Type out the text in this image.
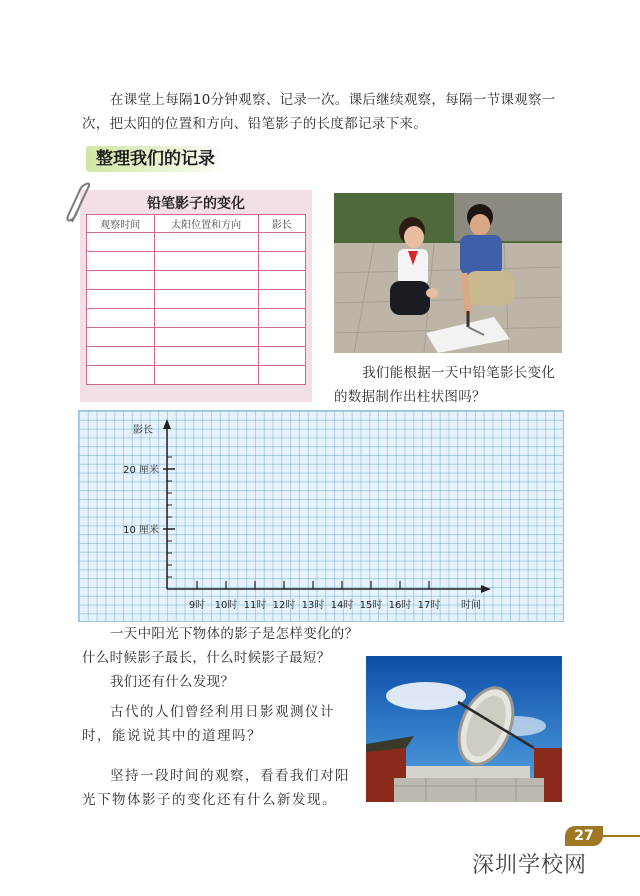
在课堂上每隔10分钟观察、记录一次。课后继续观察，每隔一节课观察一次，把太阳的位置和方向、铅笔影子的长度都记录下来。
整理我们的记录
铅笔影子的变化
观察时间	太阳位置和方向	影长

我们能根据一天中铅笔影长变化的数据制作出柱状图吗？
10 厘米
20 厘米
9时 10时 11时 12时 13时 14时 15时 16时 17时
影长
时间
一天中阳光下物体的影子是怎样变化的？
什么时候影子最长，什么时候影子最短？
我们还有什么发现？
古代的人们曾经利用日影观测仪计时，能说说其中的道理吗？
坚持一段时间的观察，看看我们对阳光下物体影子的变化还有什么新发现。
27
深圳学校网
